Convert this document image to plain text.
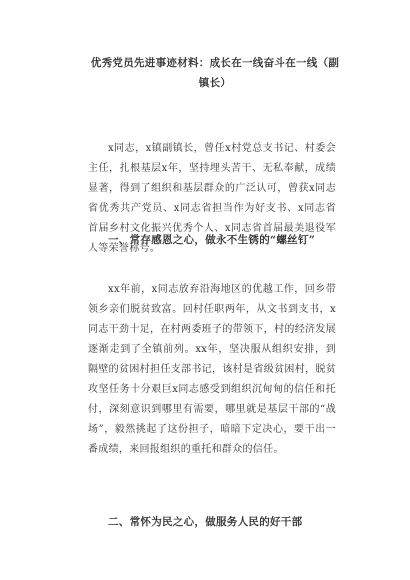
优秀党员先进事迹材料：成长在一线奋斗在一线（副镇长）
x同志，x镇副镇长，曾任x村党总支书记、村委会主任，扎根基层x年，坚持埋头苦干、无私奉献，成绩显著，得到了组织和基层群众的广泛认可，曾获x同志省优秀共产党员、x同志省担当作为好支书、x同志省首届乡村文化振兴优秀个人、x同志省首届最美退役军人等荣誉称号。
一、常存感恩之心，做永不生锈的“螺丝钉”
xx年前，x同志放弃沿海地区的优越工作，回乡带领乡亲们脱贫致富。回村任职两年，从文书到支书，x同志干劲十足，在村两委班子的带领下，村的经济发展逐渐走到了全镇前列。xx年，坚决服从组织安排，到隔壁的贫困村担任支部书记，该村是省级贫困村，脱贫攻坚任务十分艰巨x同志感受到组织沉甸甸的信任和托付，深刻意识到哪里有需要，哪里就是基层干部的“战场”，毅然挑起了这份担子，暗暗下定决心，要干出一番成绩，来回报组织的重托和群众的信任。
二、常怀为民之心，做服务人民的好干部
